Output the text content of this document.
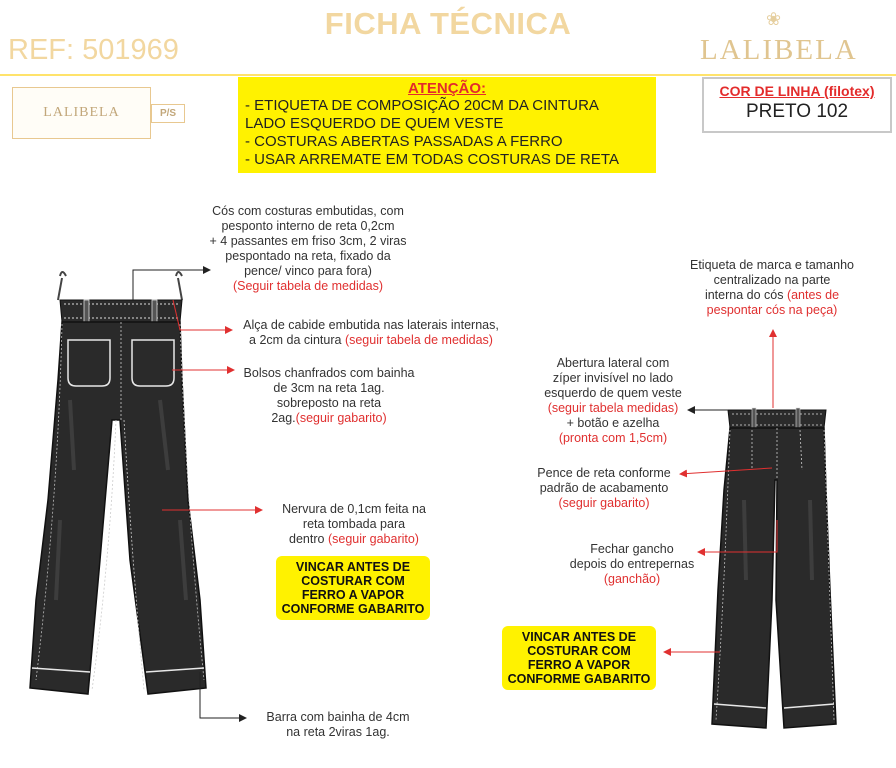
❀
FICHA TÉCNICA
REF: 501969	LALIBELA
LALIBELA	P/S
ATENÇÃO:
- ETIQUETA DE COMPOSIÇÃO 20CM DA CINTURA
LADO ESQUERDO DE QUEM VESTE
- COSTURAS ABERTAS PASSADAS A FERRO
- USAR ARREMATE EM TODAS COSTURAS DE RETA
COR DE LINHA (filotex)
PRETO 102
Cós com costuras embutidas, com
pesponto interno de reta 0,2cm
+ 4 passantes em friso 3cm, 2 viras
pespontado na reta, fixado da
pence/ vinco para fora)
(Seguir tabela de medidas)
Alça de cabide embutida nas laterais internas,
a 2cm da cintura (seguir tabela de medidas)
Bolsos chanfrados com bainha
de 3cm na reta 1ag.
sobreposto na reta
2ag.(seguir gabarito)
Nervura de 0,1cm feita na
reta tombada para
dentro (seguir gabarito)
VINCAR ANTES DE
COSTURAR COM
FERRO A VAPOR
CONFORME GABARITO
Barra com bainha de 4cm
na reta 2viras 1ag.
Etiqueta de marca e tamanho
centralizado na parte
interna do cós (antes de
pespontar cós na peça)
Abertura lateral com
zíper invisível no lado
esquerdo de quem veste
(seguir tabela medidas)
+ botão e azelha
(pronta com 1,5cm)
Pence de reta conforme
padrão de acabamento
(seguir gabarito)
Fechar gancho
depois do entrepernas
(ganchão)
VINCAR ANTES DE
COSTURAR COM
FERRO A VAPOR
CONFORME GABARITO
